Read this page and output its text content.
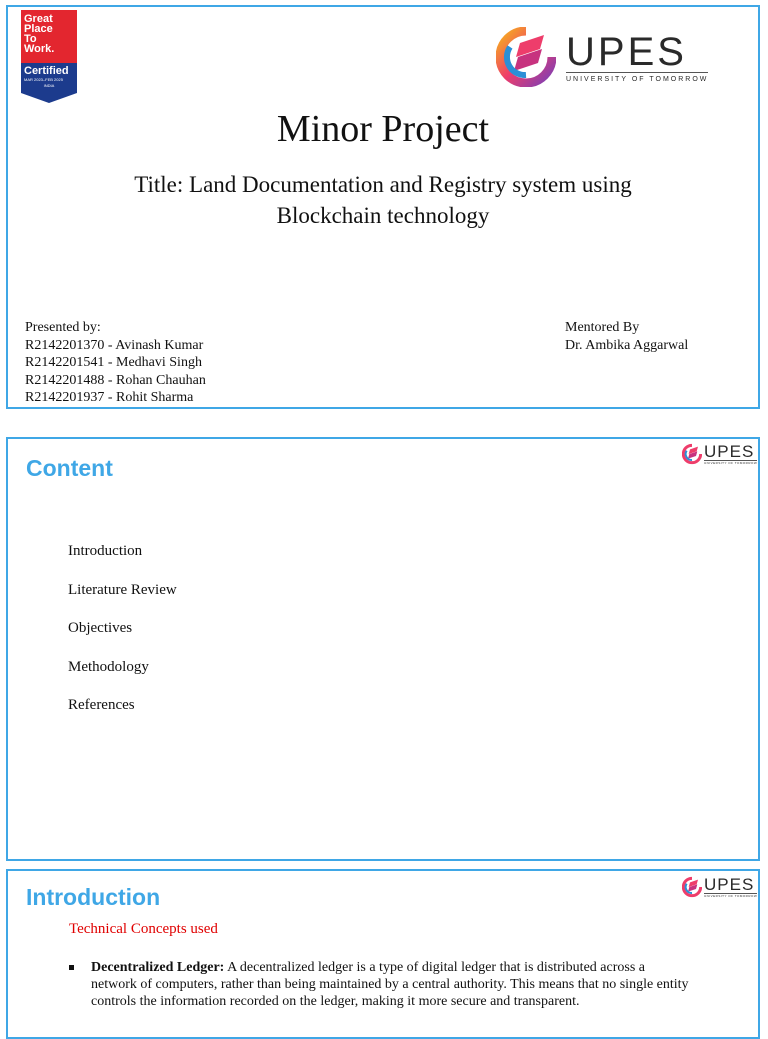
Great
Place
To
Work.
Certified
MAR 2023–FEB 2025
INDIA
UPES
UNIVERSITY OF TOMORROW
Minor Project
Title: Land Documentation and Registry system using Blockchain technology
Presented by:
R2142201370 - Avinash Kumar
R2142201541 - Medhavi Singh
R2142201488 - Rohan Chauhan
R2142201937 - Rohit Sharma
Mentored By
Dr. Ambika Aggarwal
Content
UPES
UNIVERSITY OF TOMORROW
Introduction
Literature Review
Objectives
Methodology
References
Introduction	UPES
UNIVERSITY OF TOMORROW
Technical Concepts used
Decentralized Ledger: A decentralized ledger is a type of digital ledger that is distributed across a network of computers, rather than being maintained by a central authority. This means that no single entity controls the information recorded on the ledger, making it more secure and transparent.
